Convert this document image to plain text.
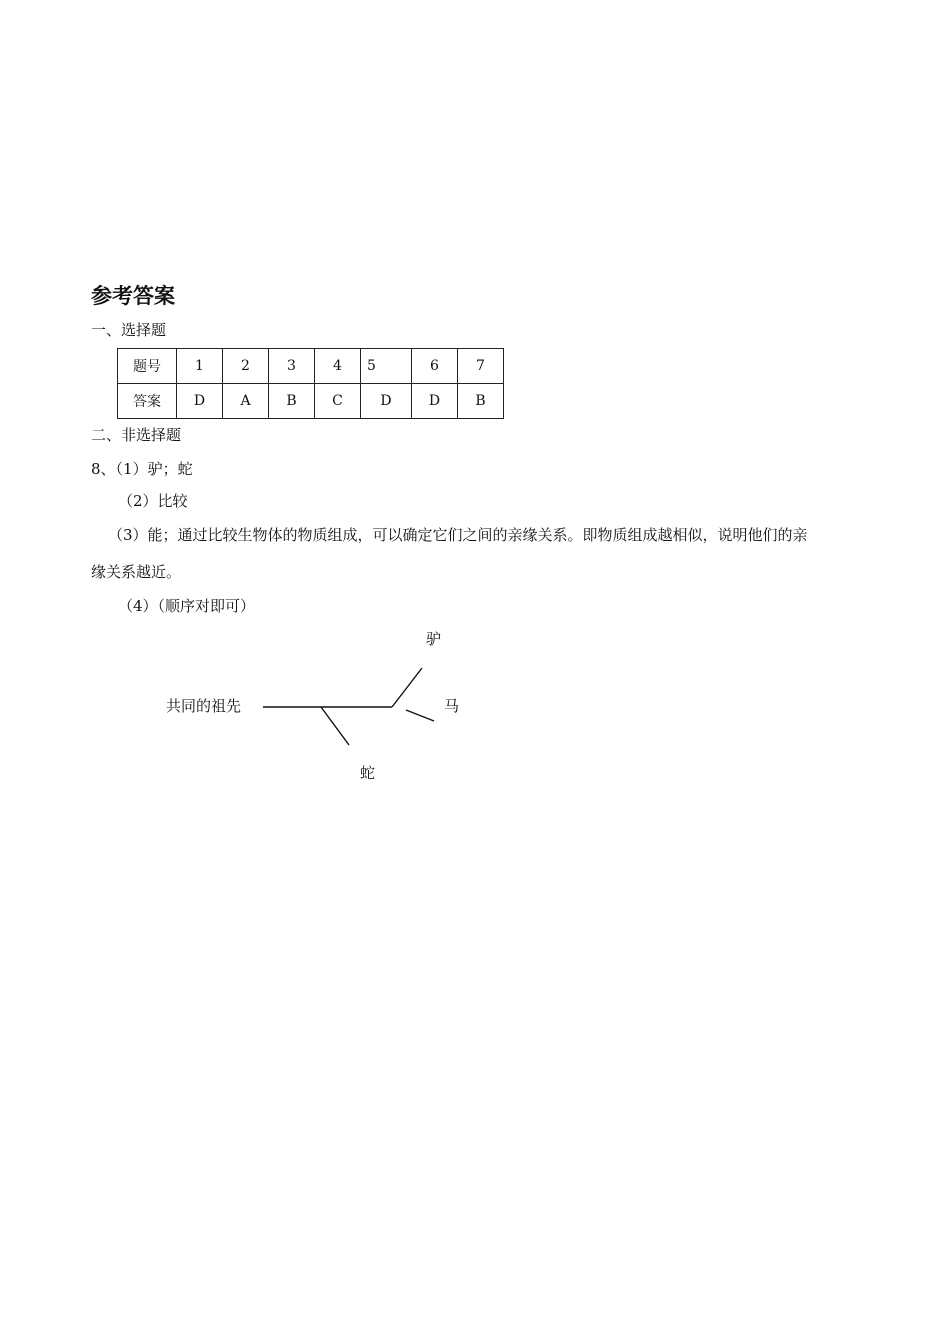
参考答案
一、选择题
题号	1	2	3	4	5	6	7
答案	D	A	B	C	D	D	B
二、非选择题
8、（1）驴；蛇
（2）比较
（3）能；通过比较生物体的物质组成，可以确定它们之间的亲缘关系。即物质组成越相似，说明他们的亲
缘关系越近。
（4）（顺序对即可）
共同的祖先
驴
马
蛇
